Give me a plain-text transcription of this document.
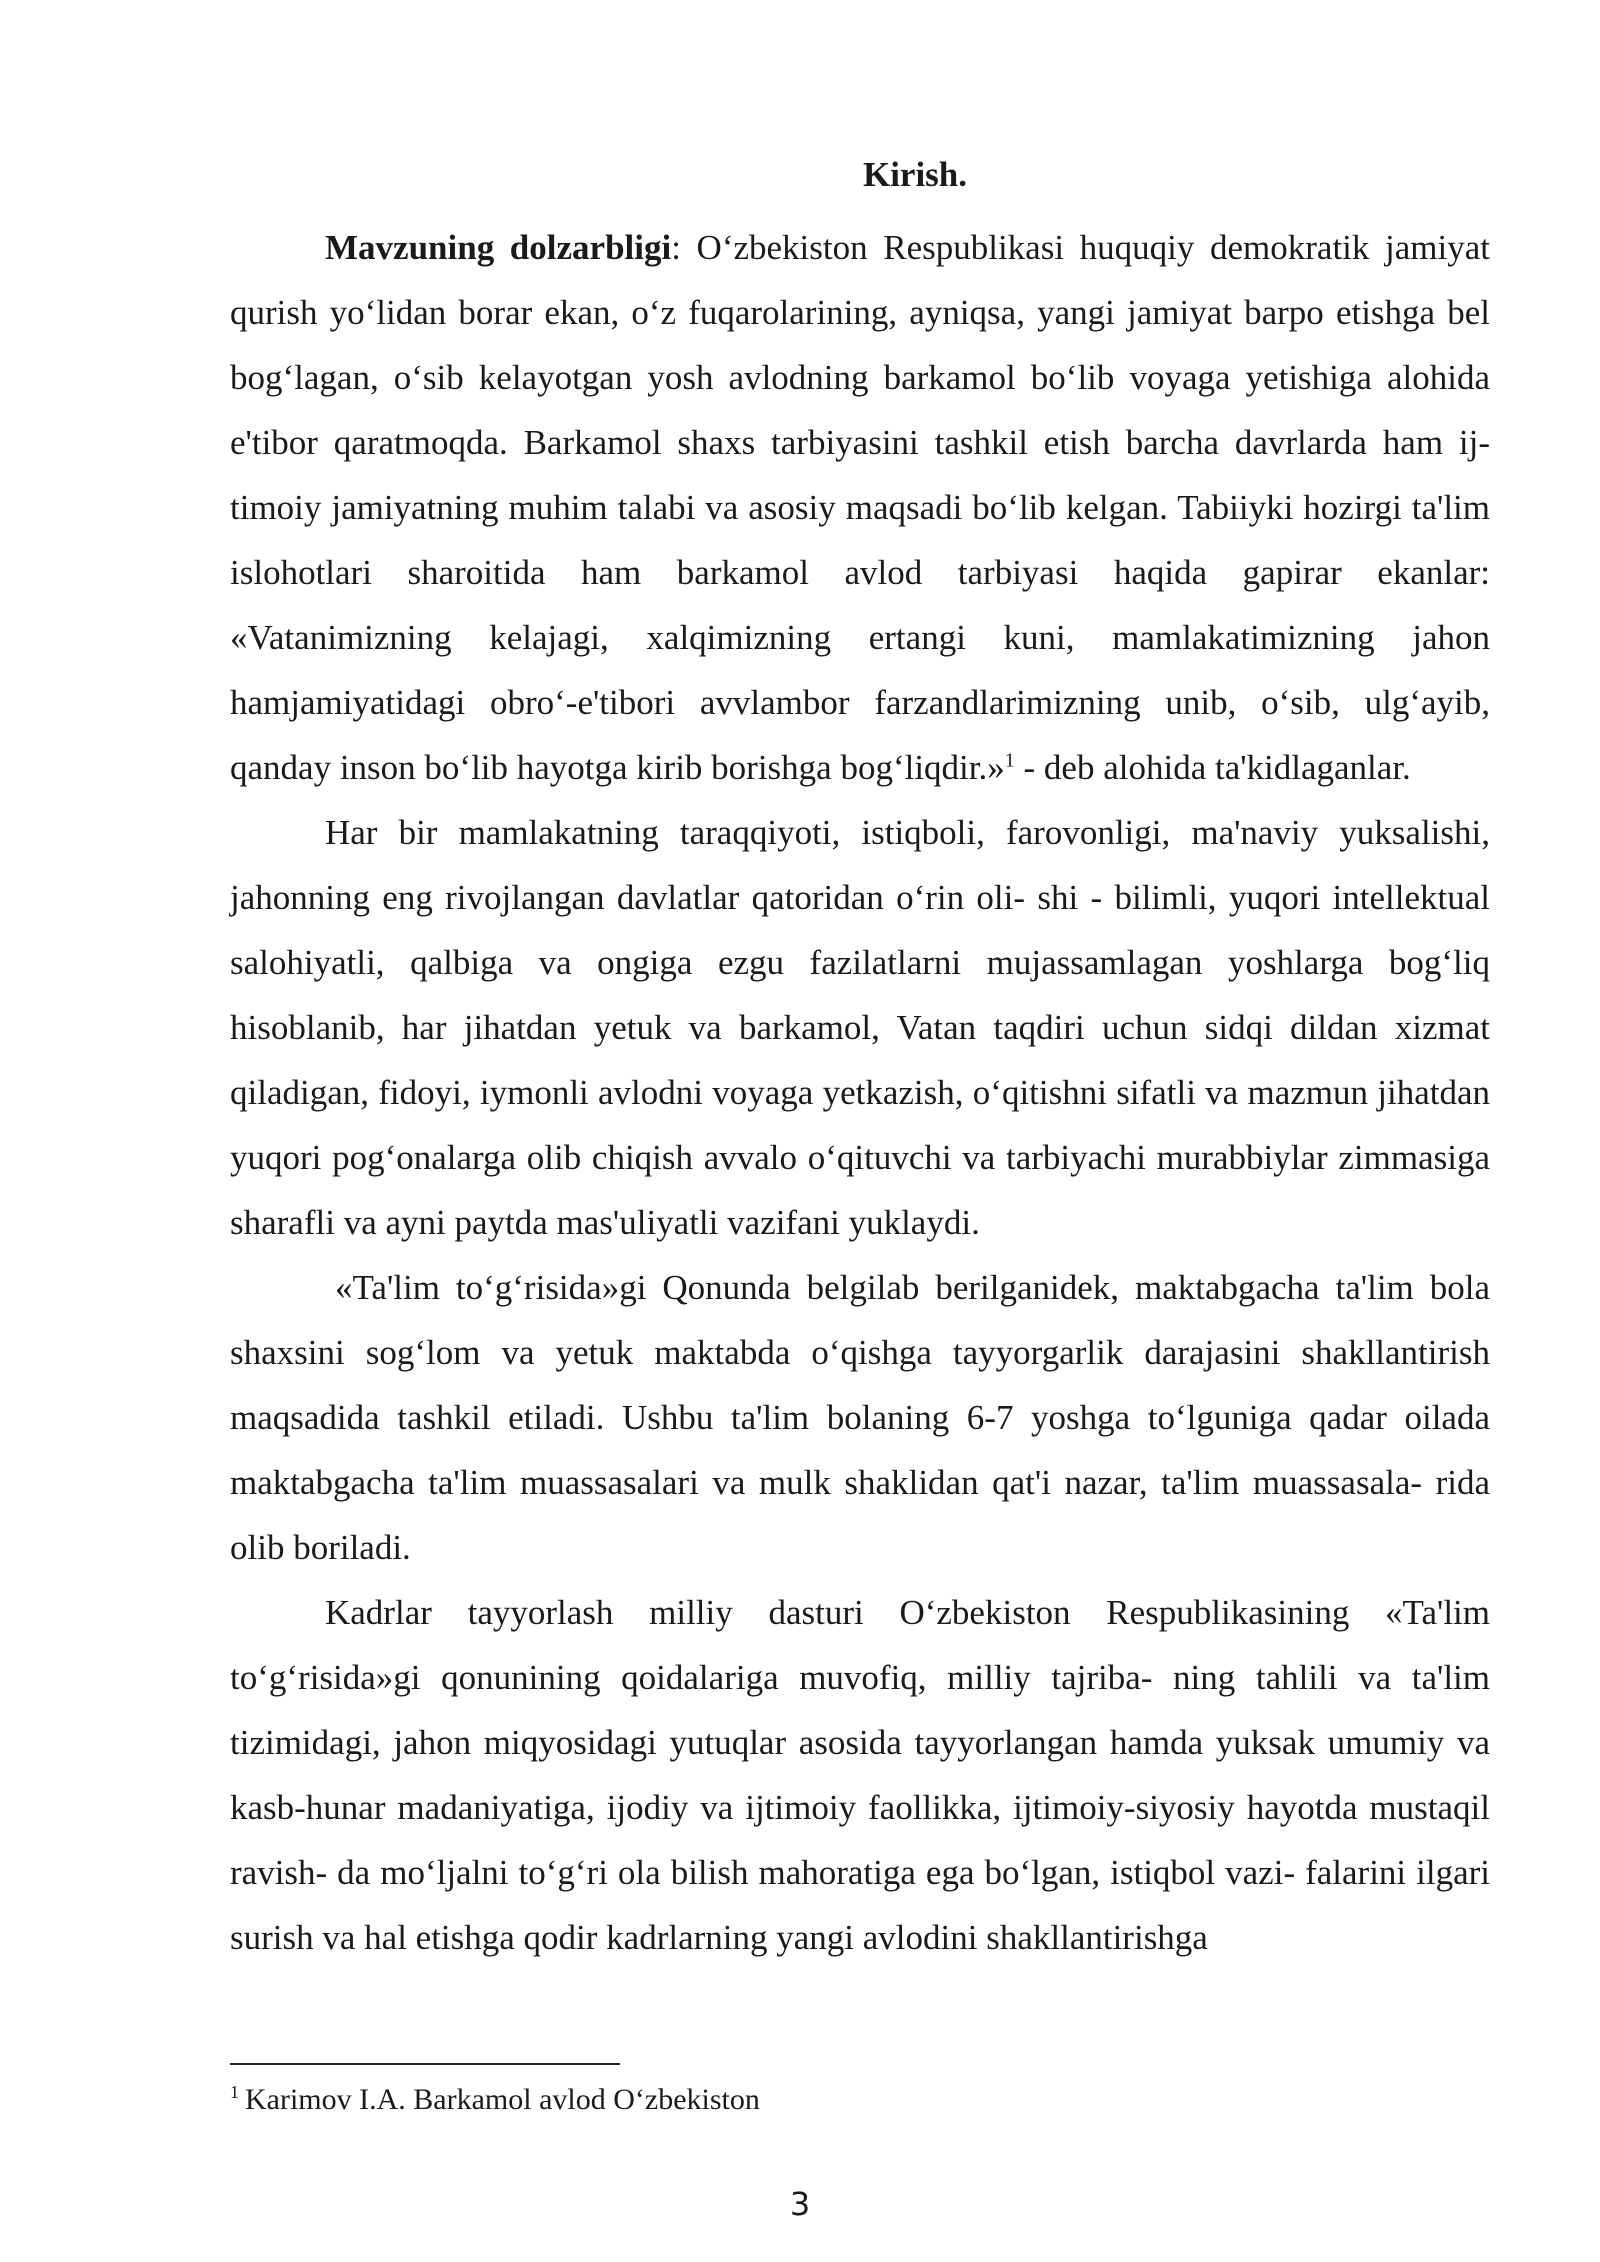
Kirish.

Mavzuning dolzarbligi: O‘zbekiston Respublikasi huquqiy demokratik jamiyat qurish yo‘lidan borar ekan, o‘z fuqarolarining, ayniqsa, yangi jamiyat barpo etishga bel bog‘lagan, o‘sib kelayotgan yosh avlodning barkamol bo‘lib voyaga yetishiga alohida e'tibor qaratmoqda. Barkamol shaxs tarbiyasini tashkil etish barcha davrlarda ham ij- timoiy jamiyatning muhim talabi va asosiy maqsadi bo‘lib kelgan. Tabiiyki hozirgi ta'lim islohotlari sharoitida ham barkamol avlod tarbiyasi haqida gapirar ekanlar: «Vatanimizning kelajagi, xalqimizning ertangi kuni, mamlakatimizning jahon hamjamiyatidagi obro‘-e'tibori avvlambor farzandlarimizning unib, o‘sib, ulg‘ayib, qanday inson bo‘lib hayotga kirib borishga bog‘liqdir.»$^1$ - deb alohida ta'kidlaganlar.

Har bir mamlakatning taraqqiyoti, istiqboli, farovonligi, ma'naviy yuksalishi, jahonning eng rivojlangan davlatlar qatoridan o‘rin oli- shi - bilimli, yuqori intellektual salohiyatli, qalbiga va ongiga ezgu fazilatlarni mujassamlagan yoshlarga bog‘liq hisoblanib, har jihatdan yetuk va barkamol, Vatan taqdiri uchun sidqi dildan xizmat qiladigan, fidoyi, iymonli avlodni voyaga yetkazish, o‘qitishni sifatli va mazmun jihatdan yuqori pog‘onalarga olib chiqish avvalo o‘qituvchi va tarbiyachi murabbiylar zimmasiga sharafli va ayni paytda mas'uliyatli vazifani yuklaydi.

«Ta'lim to‘g‘risida»gi Qonunda belgilab berilganidek, maktabgacha ta'lim bola shaxsini sog‘lom va yetuk maktabda o‘qishga tayyorgarlik darajasini shakllantirish maqsadida tashkil etiladi. Ushbu ta'lim bolaning 6-7 yoshga to‘lguniga qadar oilada maktabgacha ta'lim muassasalari va mulk shaklidan qat'i nazar, ta'lim muassasala- rida olib boriladi.

Kadrlar tayyorlash milliy dasturi O‘zbekiston Respublikasining «Ta'lim to‘g‘risida»gi qonunining qoidalariga muvofiq, milliy tajriba- ning tahlili va ta'lim tizimidagi, jahon miqyosidagi yutuqlar asosida tayyorlangan hamda yuksak umumiy va kasb-hunar madaniyatiga, ijodiy va ijtimoiy faollikka, ijtimoiy-siyosiy hayotda mustaqil ravish- da mo‘ljalni to‘g‘ri ola bilish mahoratiga ega bo‘lgan, istiqbol vazi- falarini ilgari surish va hal etishga qodir kadrlarning yangi avlodini shakllantirishga

$^1$ Karimov I.A. Barkamol avlod O‘zbekiston
3
